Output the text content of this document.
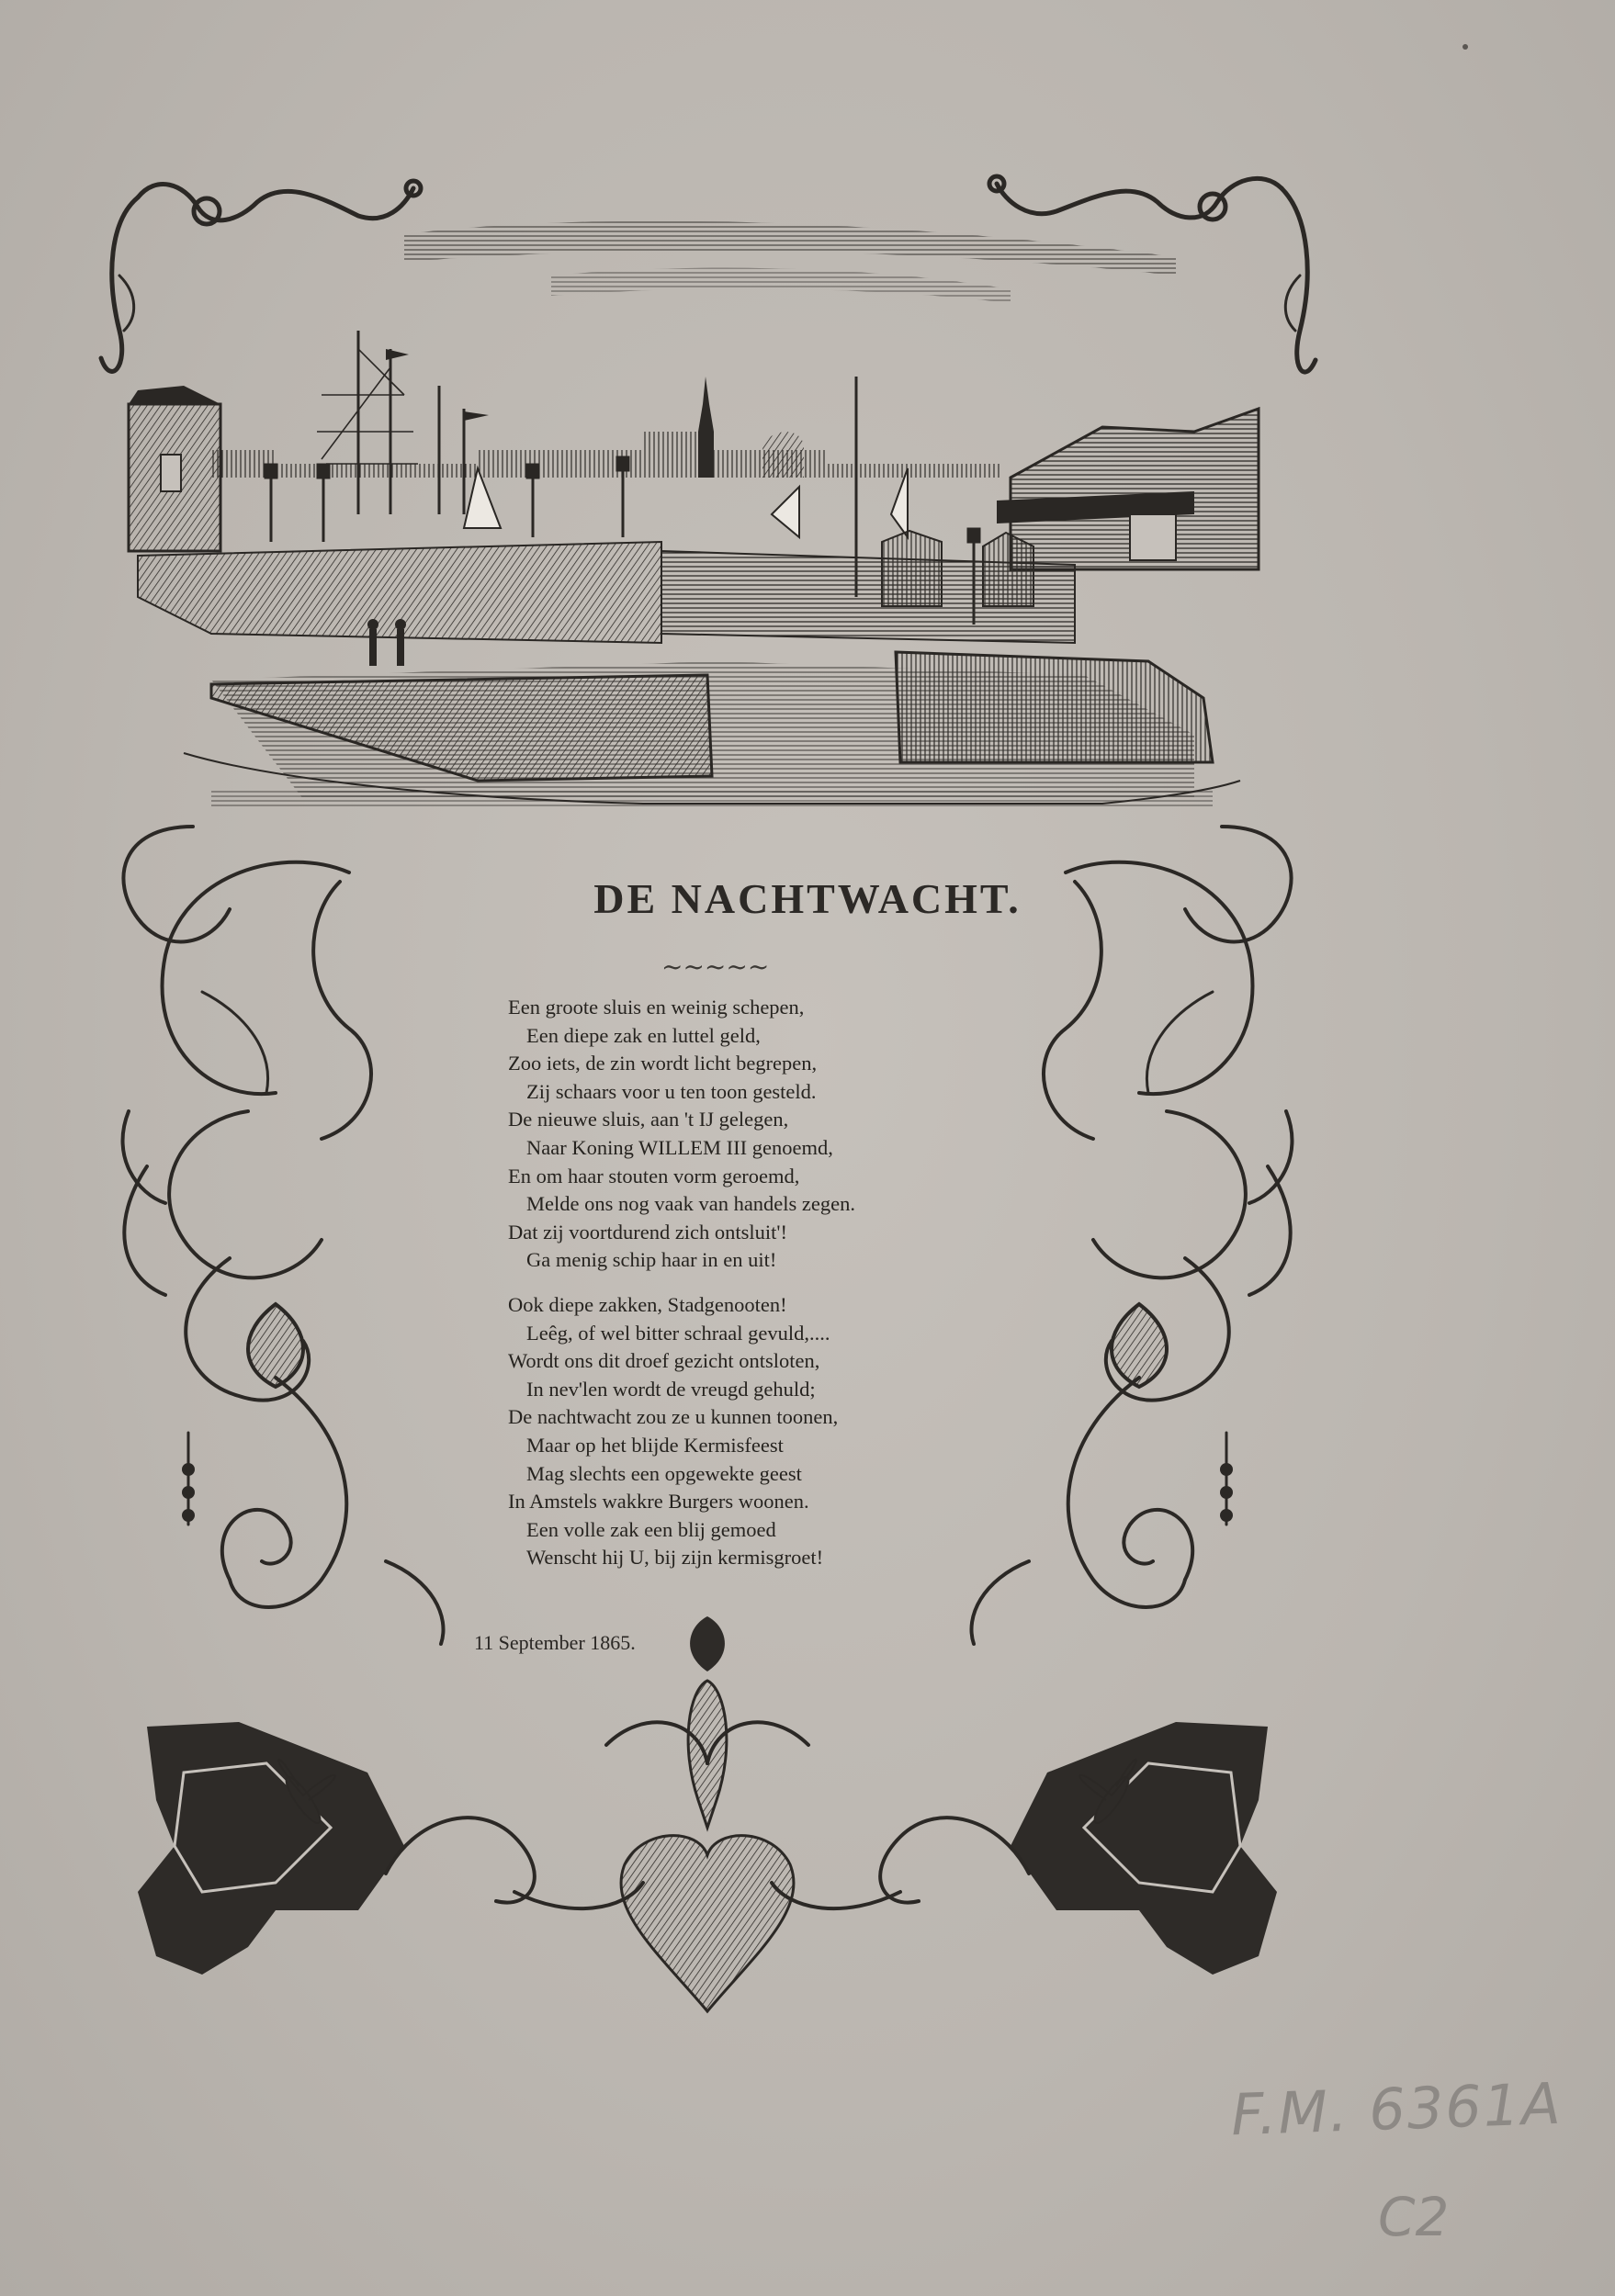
DE NACHTWACHT.
~~~~~
Een groote sluis en weinig schepen,
Een diepe zak en luttel geld,
Zoo iets, de zin wordt licht begrepen,
Zij schaars voor u ten toon gesteld.
De nieuwe sluis, aan 't IJ gelegen,
Naar Koning WILLEM III genoemd,
En om haar stouten vorm geroemd,
Melde ons nog vaak van handels zegen.
Dat zij voortdurend zich ontsluit'!
Ga menig schip haar in en uit!
Ook diepe zakken, Stadgenooten!
Leêg, of wel bitter schraal gevuld,....
Wordt ons dit droef gezicht ontsloten,
In nev'len wordt de vreugd gehuld;
De nachtwacht zou ze u kunnen toonen,
Maar op het blijde Kermisfeest
Mag slechts een opgewekte geest
In Amstels wakkre Burgers woonen.
Een volle zak een blij gemoed
Wenscht hij U, bij zijn kermisgroet!
11 September 1865.
F.M. 6361A
C2
